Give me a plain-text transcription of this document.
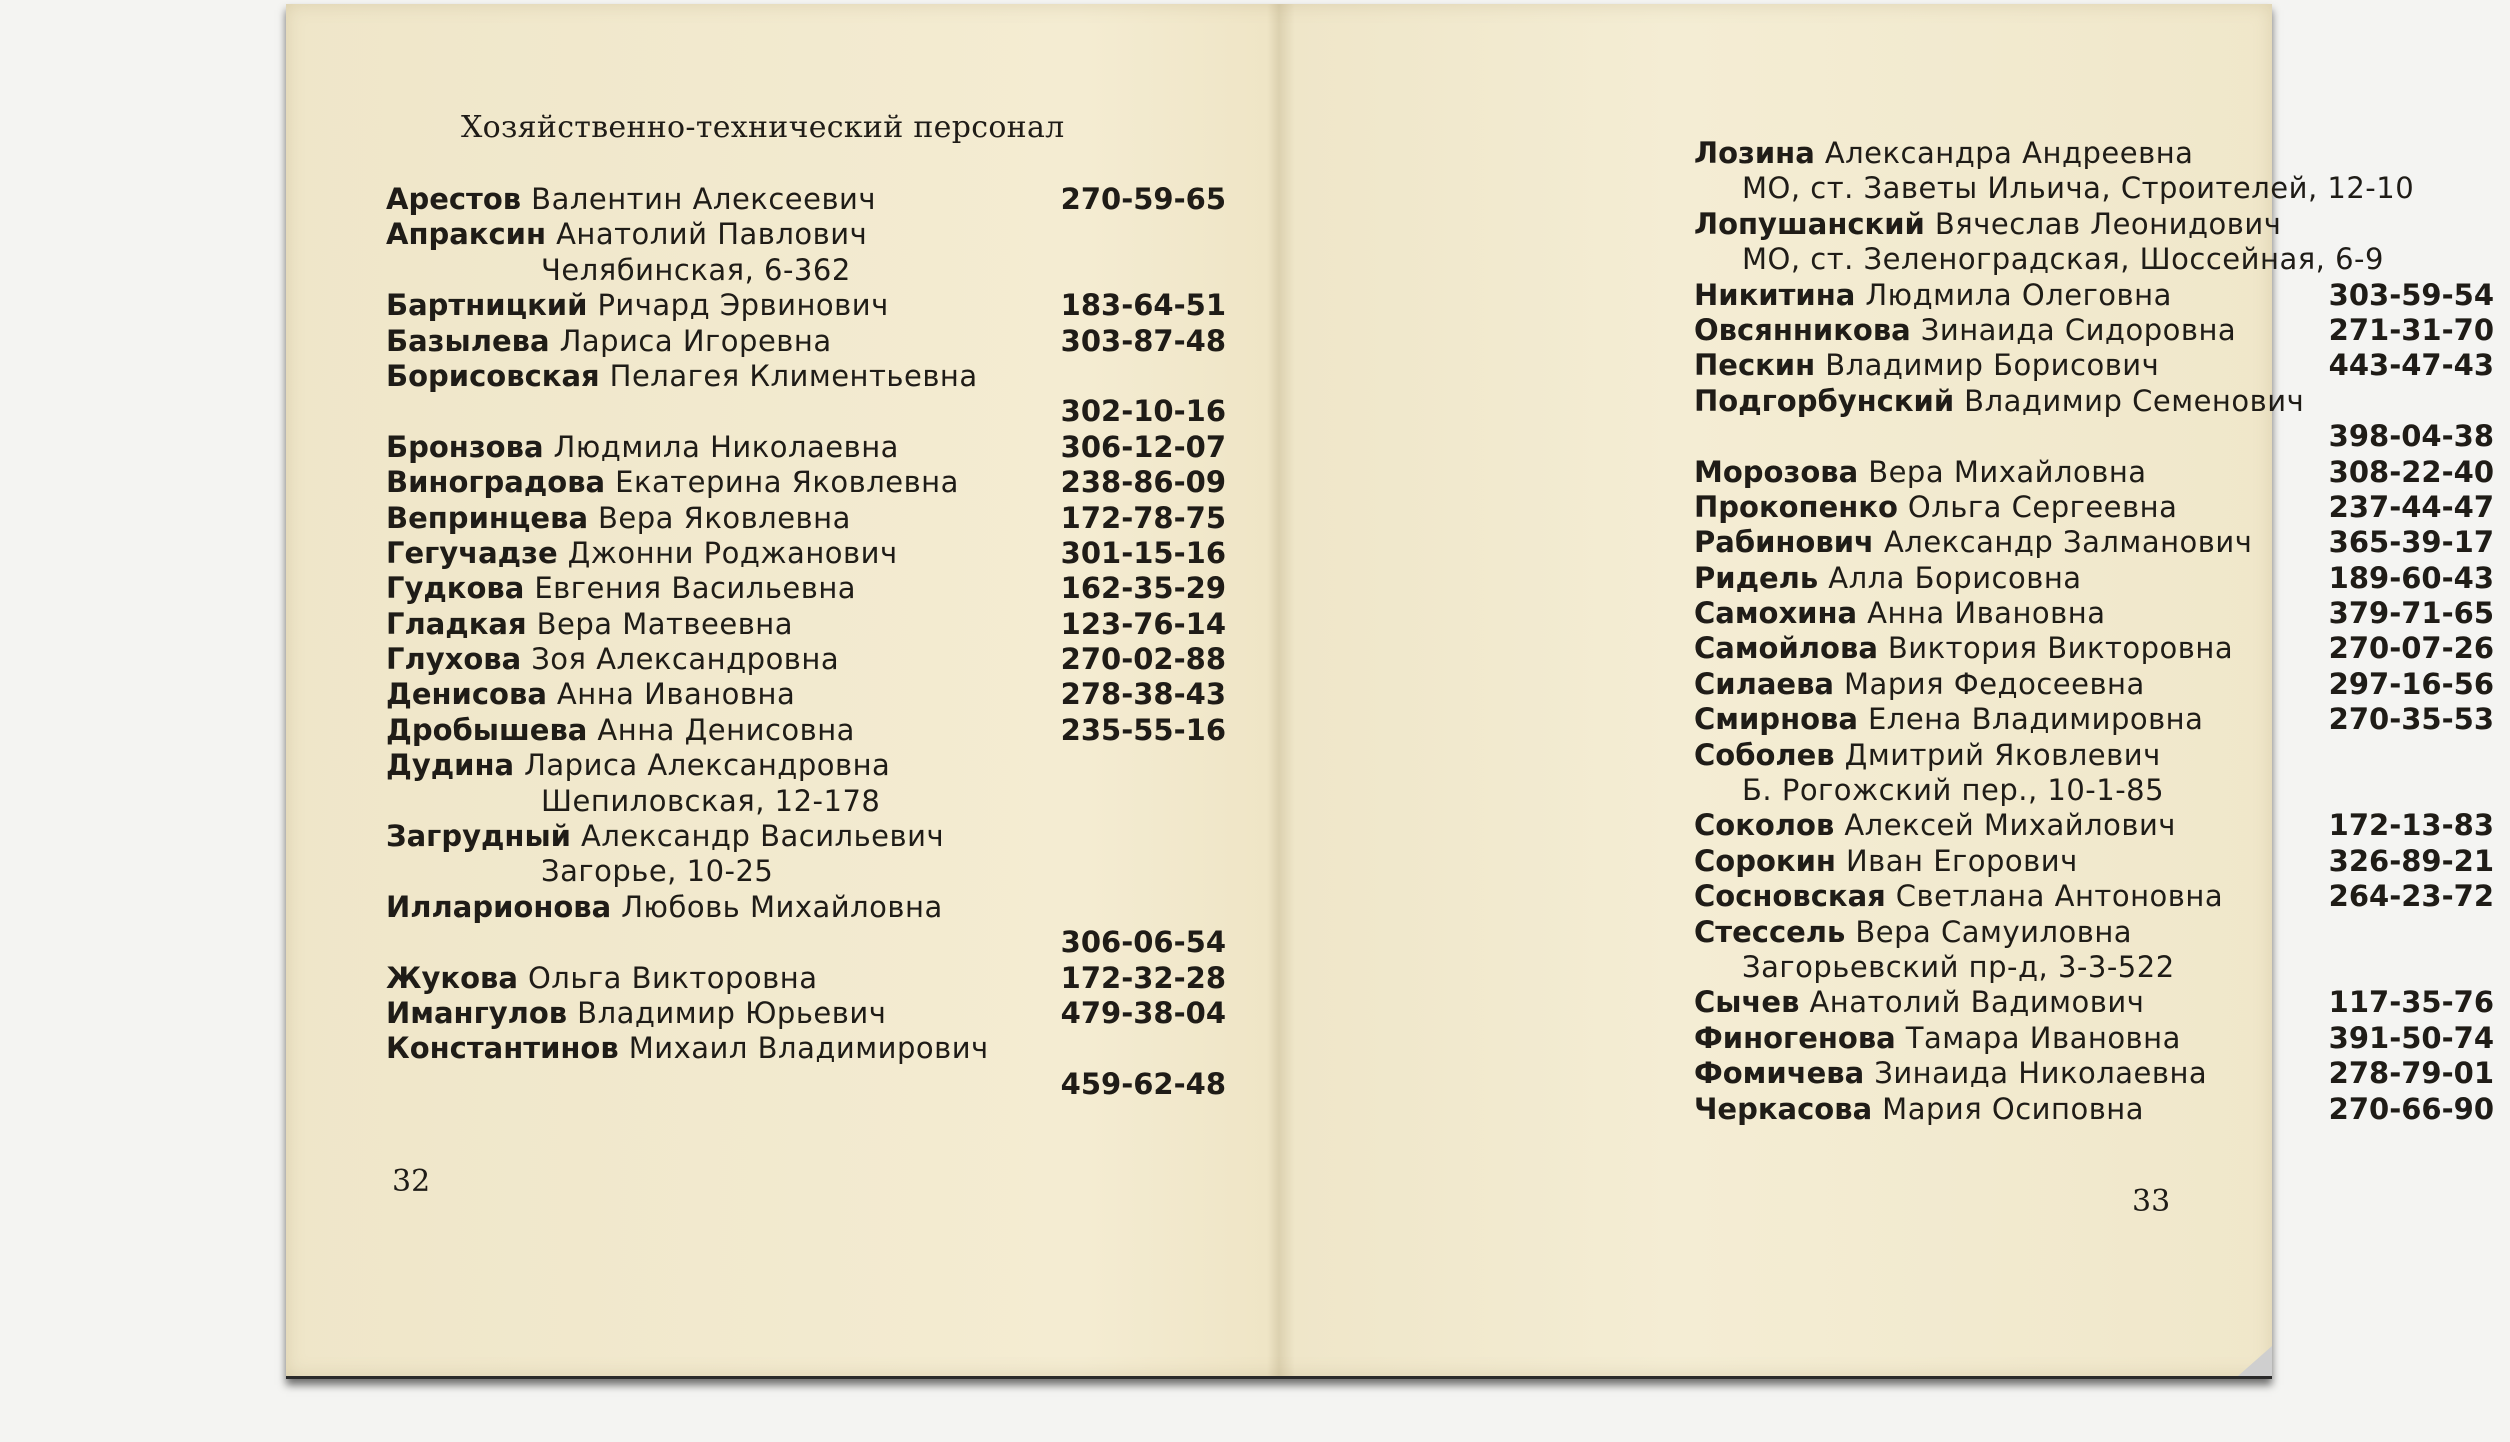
Хозяйственно-технический персонал
Арестов Валентин Алексеевич	270-59-65
Апраксин Анатолий Павлович
Челябинская, 6-362
Бартницкий Ричард Эрвинович	183-64-51
Базылева Лариса Игоревна	303-87-48
Борисовская Пелагея Климентьевна
302-10-16
Бронзова Людмила Николаевна	306-12-07
Виноградова Екатерина Яковлевна	238-86-09
Вепринцева Вера Яковлевна	172-78-75
Гегучадзе Джонни Роджанович	301-15-16
Гудкова Евгения Васильевна	162-35-29
Гладкая Вера Матвеевна	123-76-14
Глухова Зоя Александровна	270-02-88
Денисова Анна Ивановна	278-38-43
Дробышева Анна Денисовна	235-55-16
Дудина Лариса Александровна
Шепиловская, 12-178
Загрудный Александр Васильевич
Загорье, 10-25
Илларионова Любовь Михайловна
306-06-54
Жукова Ольга Викторовна	172-32-28
Имангулов Владимир Юрьевич	479-38-04
Константинов Михаил Владимирович
459-62-48
32
Лозина Александра Андреевна
МО, ст. Заветы Ильича, Строителей, 12-10
Лопушанский Вячеслав Леонидович
МО, ст. Зеленоградская, Шоссейная, 6-9
Никитина Людмила Олеговна	303-59-54
Овсянникова Зинаида Сидоровна	271-31-70
Пескин Владимир Борисович	443-47-43
Подгорбунский Владимир Семенович
398-04-38
Морозова Вера Михайловна	308-22-40
Прокопенко Ольга Сергеевна	237-44-47
Рабинович Александр Залманович	365-39-17
Ридель Алла Борисовна	189-60-43
Самохина Анна Ивановна	379-71-65
Самойлова Виктория Викторовна	270-07-26
Силаева Мария Федосеевна	297-16-56
Смирнова Елена Владимировна	270-35-53
Соболев Дмитрий Яковлевич
Б. Рогожский пер., 10-1-85
Соколов Алексей Михайлович	172-13-83
Сорокин Иван Егорович	326-89-21
Сосновская Светлана Антоновна	264-23-72
Стессель Вера Самуиловна
Загорьевский пр-д, 3-3-522
Сычев Анатолий Вадимович	117-35-76
Финогенова Тамара Ивановна	391-50-74
Фомичева Зинаида Николаевна	278-79-01
Черкасова Мария Осиповна	270-66-90
33
